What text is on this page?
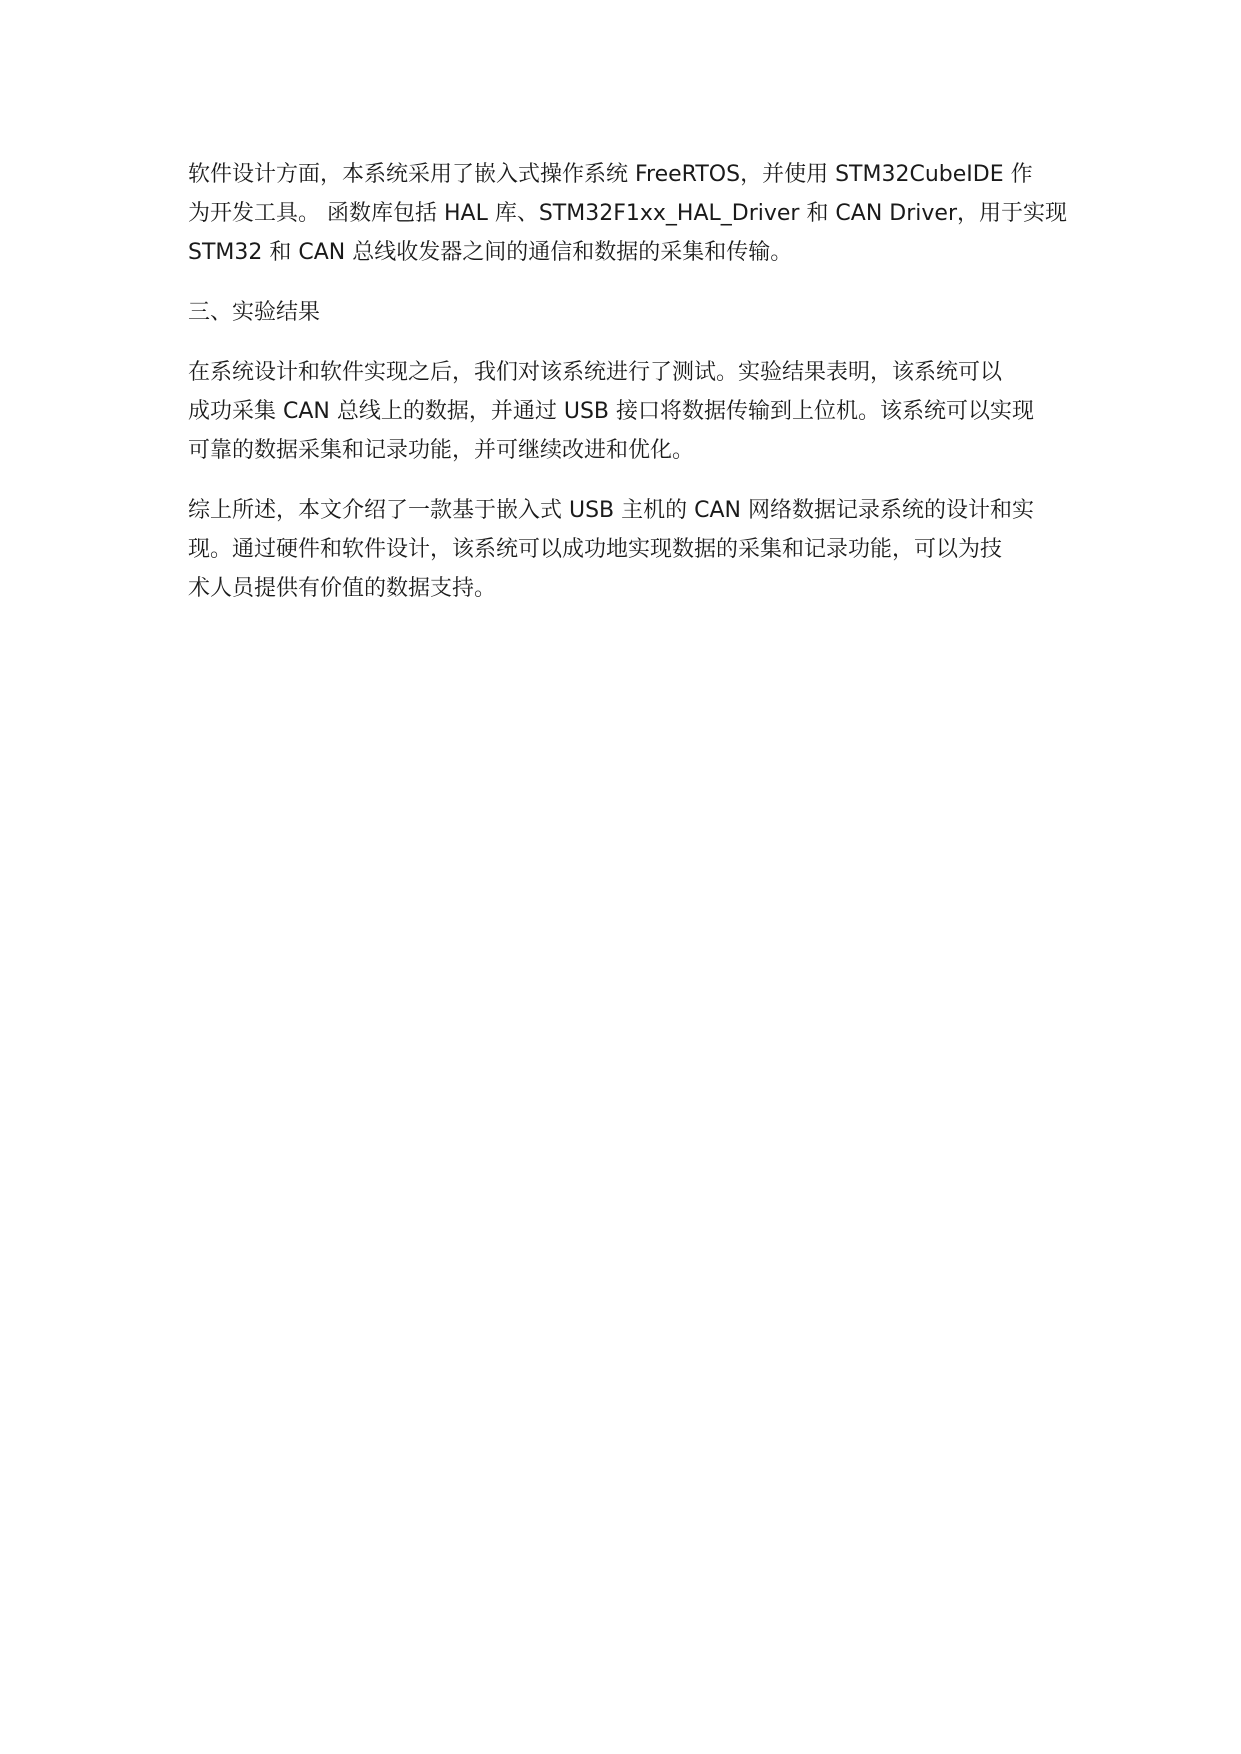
软件设计方面，本系统采用了嵌入式操作系统 FreeRTOS，并使用 STM32CubeIDE 作
为开发工具。 函数库包括 HAL 库、STM32F1xx_HAL_Driver 和 CAN Driver，用于实现
STM32 和 CAN 总线收发器之间的通信和数据的采集和传输。

三、实验结果

在系统设计和软件实现之后，我们对该系统进行了测试。实验结果表明，该系统可以
成功采集 CAN 总线上的数据，并通过 USB 接口将数据传输到上位机。该系统可以实现
可靠的数据采集和记录功能，并可继续改进和优化。

综上所述，本文介绍了一款基于嵌入式 USB 主机的 CAN 网络数据记录系统的设计和实
现。通过硬件和软件设计，该系统可以成功地实现数据的采集和记录功能，可以为技
术人员提供有价值的数据支持。
